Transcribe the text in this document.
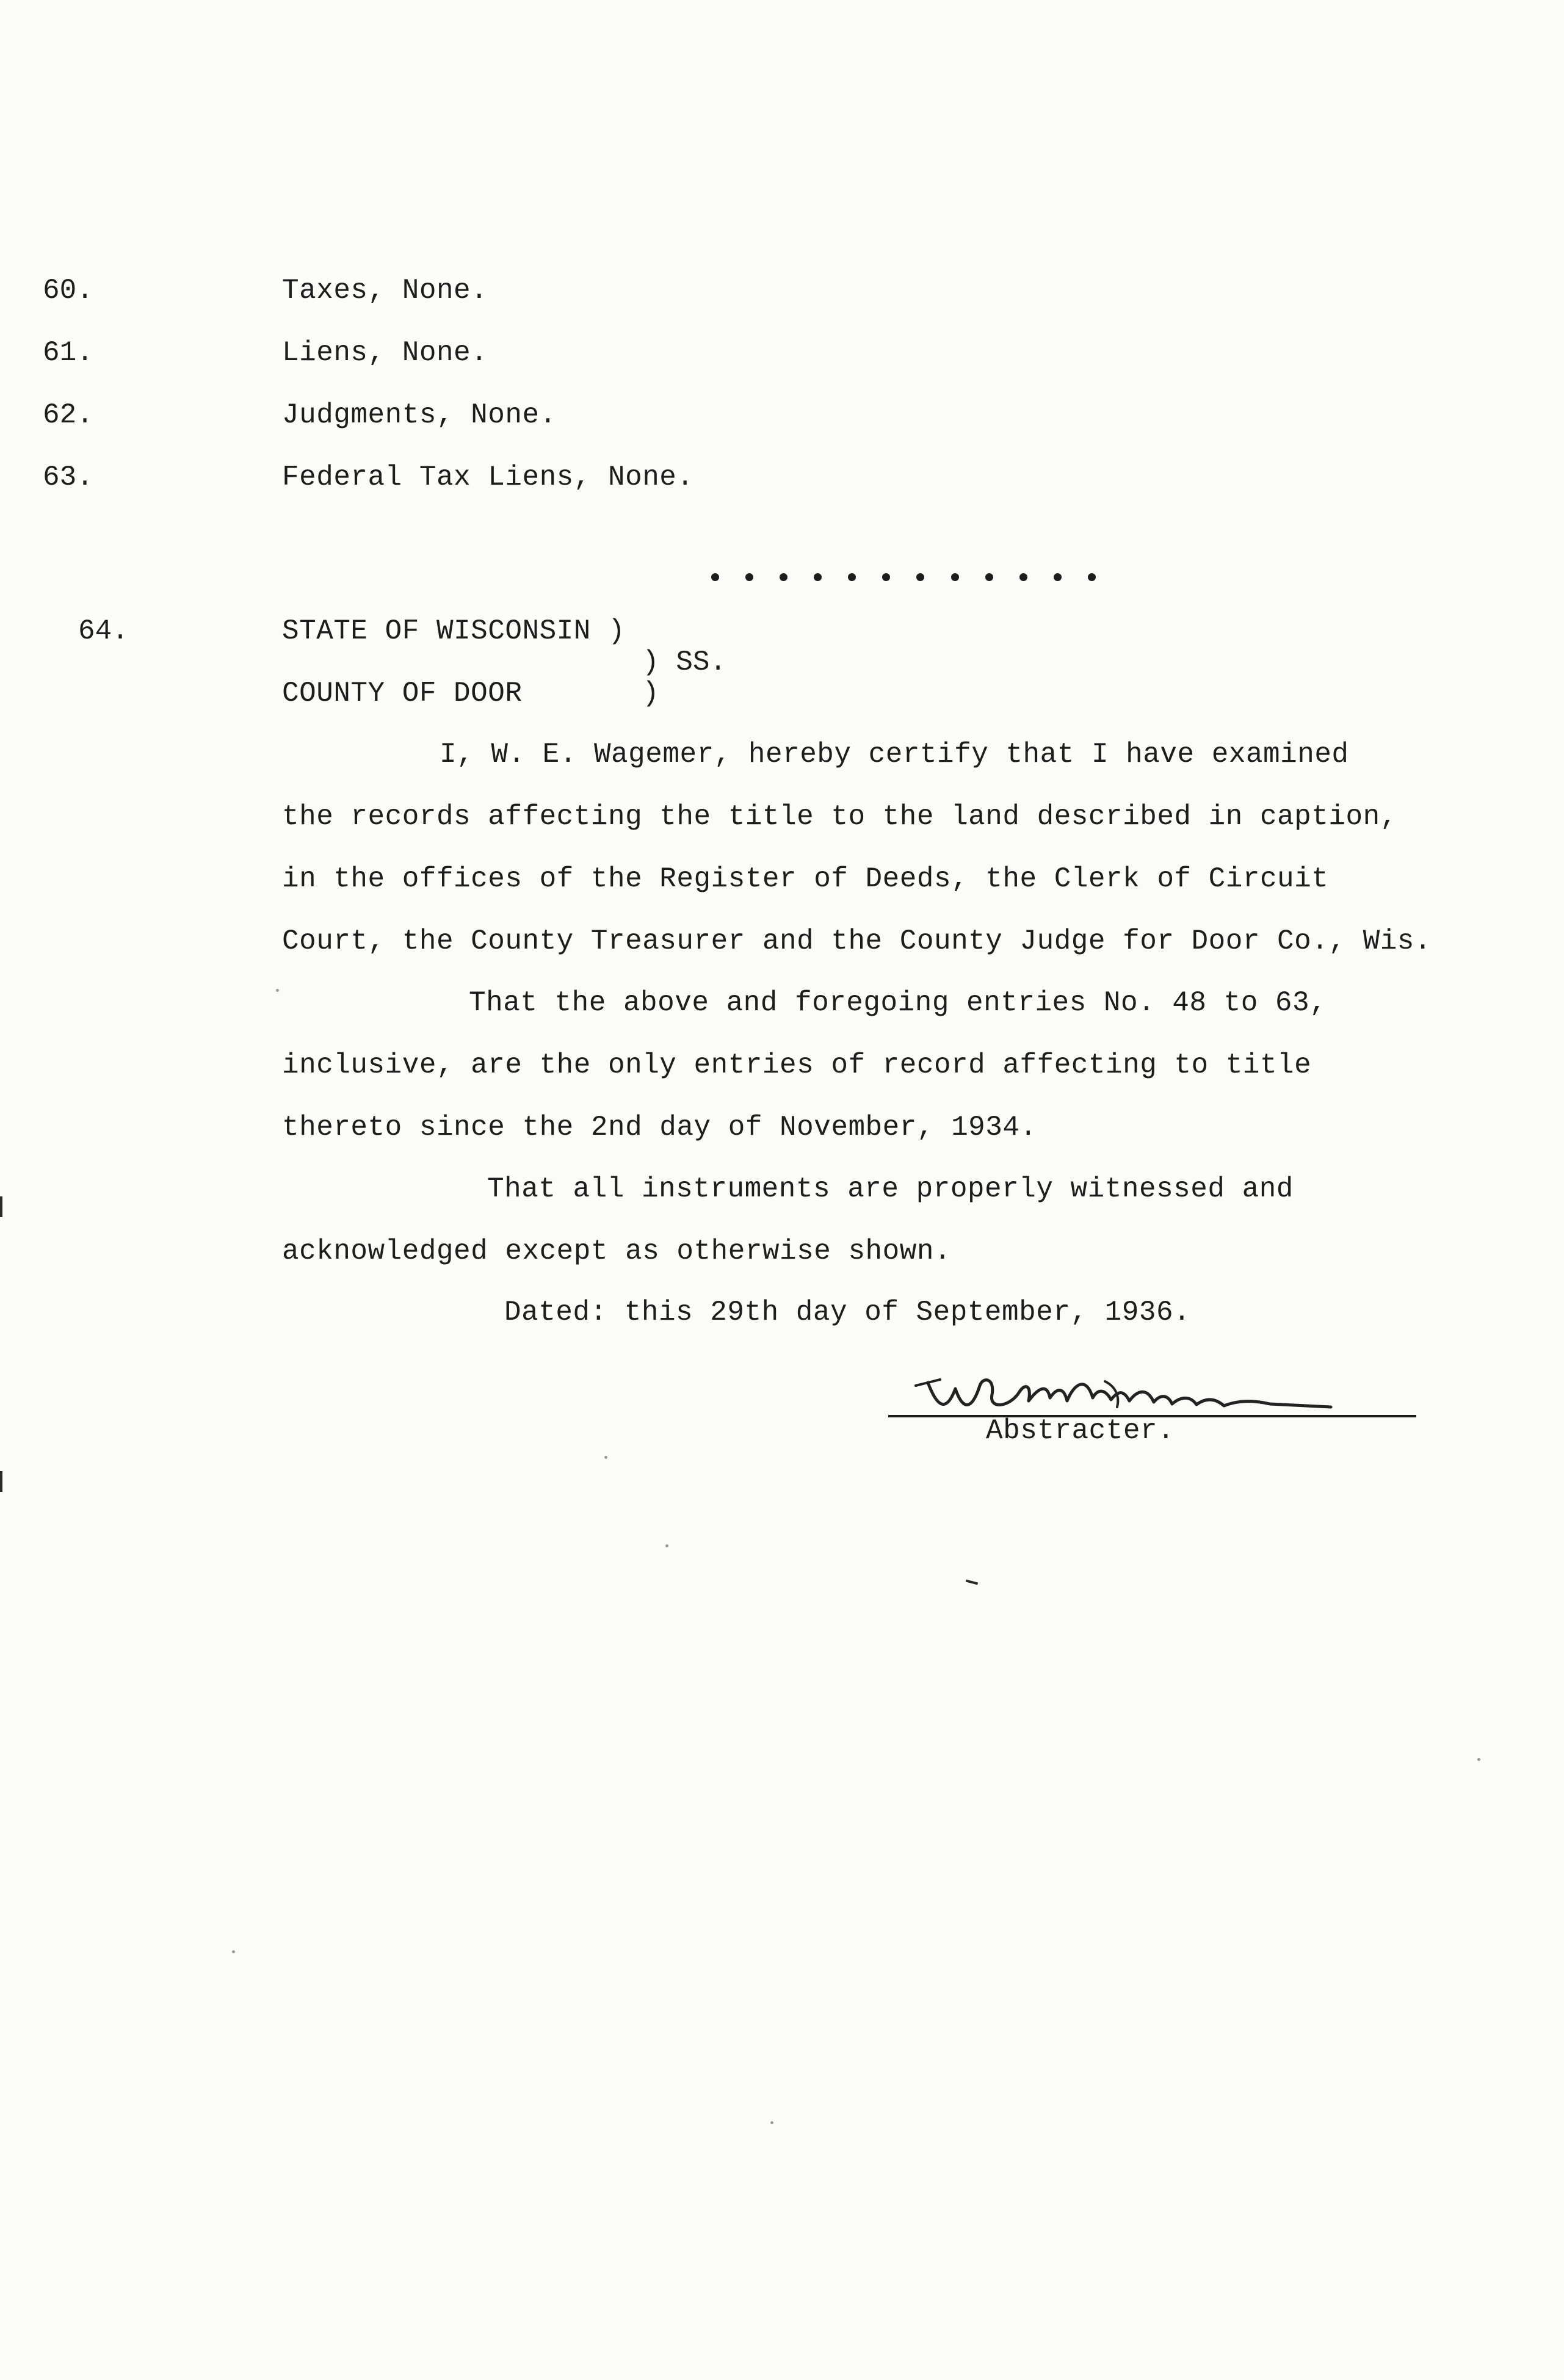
60.	Taxes, None.
61.	Liens, None.
62.	Judgments, None.
63.	Federal Tax Liens, None.
64.	STATE OF WISCONSIN )
) SS.
COUNTY OF DOOR	)
I, W. E. Wagemer, hereby certify that I have examined
the records affecting the title to the land described in caption,
in the offices of the Register of Deeds, the Clerk of Circuit
Court, the County Treasurer and the County Judge for Door Co., Wis.
That the above and foregoing entries No. 48 to 63,
inclusive, are the only entries of record affecting to title
thereto since the 2nd day of November, 1934.
That all instruments are properly witnessed and
acknowledged except as otherwise shown.
Dated: this 29th day of September, 1936.
Abstracter.
